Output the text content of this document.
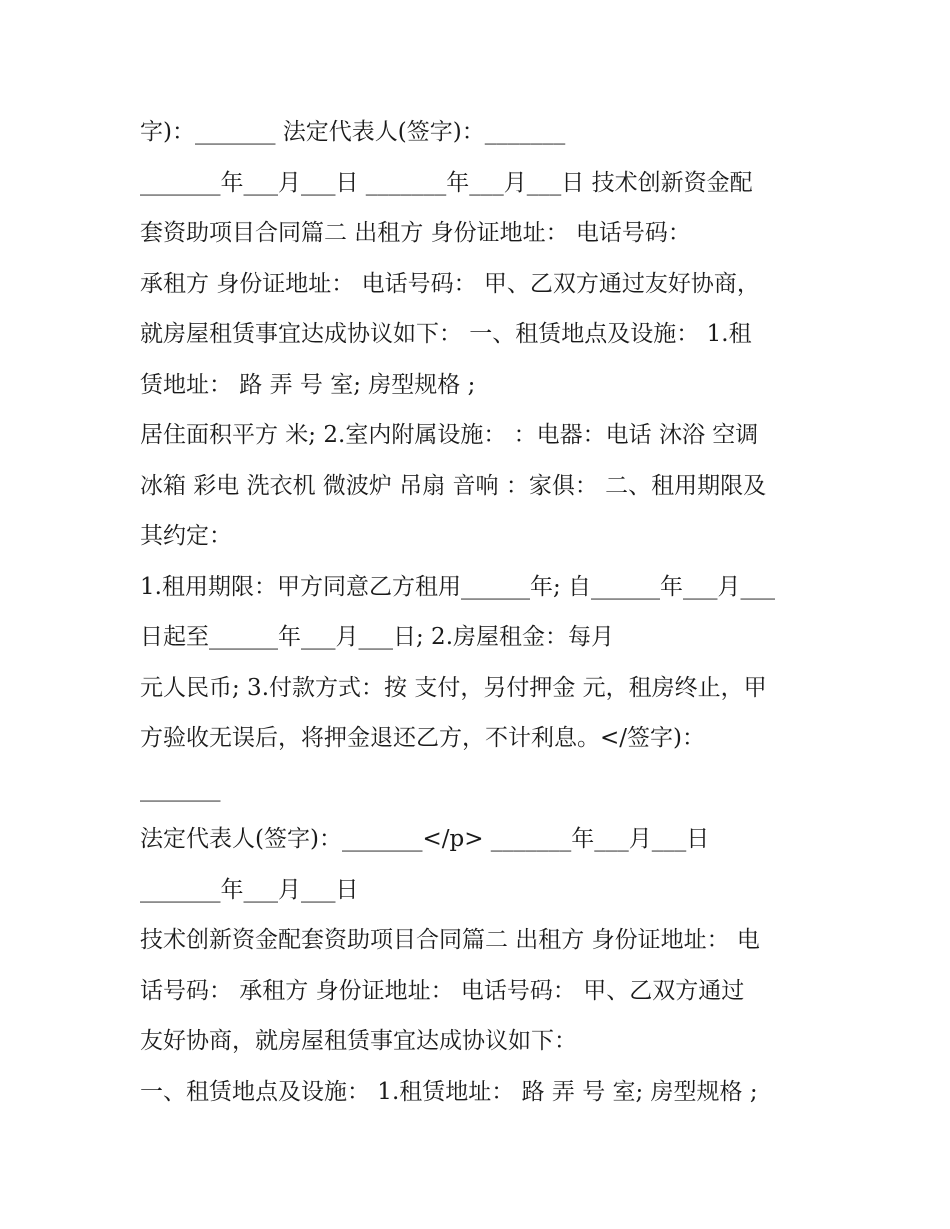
字)：_______ 法定代表人(签字)：_______
_______年___月___日 _______年___月___日 技术创新资金配
套资助项目合同篇二 出租方 身份证地址： 电话号码：
承租方 身份证地址： 电话号码： 甲、乙双方通过友好协商，
就房屋租赁事宜达成协议如下： 一、租赁地点及设施： 1.租
赁地址： 路 弄 号 室; 房型规格 ;
居住面积平方 米; 2.室内附属设施： ：电器：电话 沐浴 空调
冰箱 彩电 洗衣机 微波炉 吊扇 音响 ：家俱： 二、租用期限及
其约定：
1.租用期限：甲方同意乙方租用______年; 自______年___月___
日起至______年___月___日; 2.房屋租金：每月
元人民币; 3.付款方式：按 支付，另付押金 元，租房终止，甲
方验收无误后，将押金退还乙方，不计利息。</签字)：
_______
法定代表人(签字)：_______</p> _______年___月___日
_______年___月___日
技术创新资金配套资助项目合同篇二 出租方 身份证地址： 电
话号码： 承租方 身份证地址： 电话号码： 甲、乙双方通过
友好协商，就房屋租赁事宜达成协议如下：
一、租赁地点及设施： 1.租赁地址： 路 弄 号 室; 房型规格 ;
